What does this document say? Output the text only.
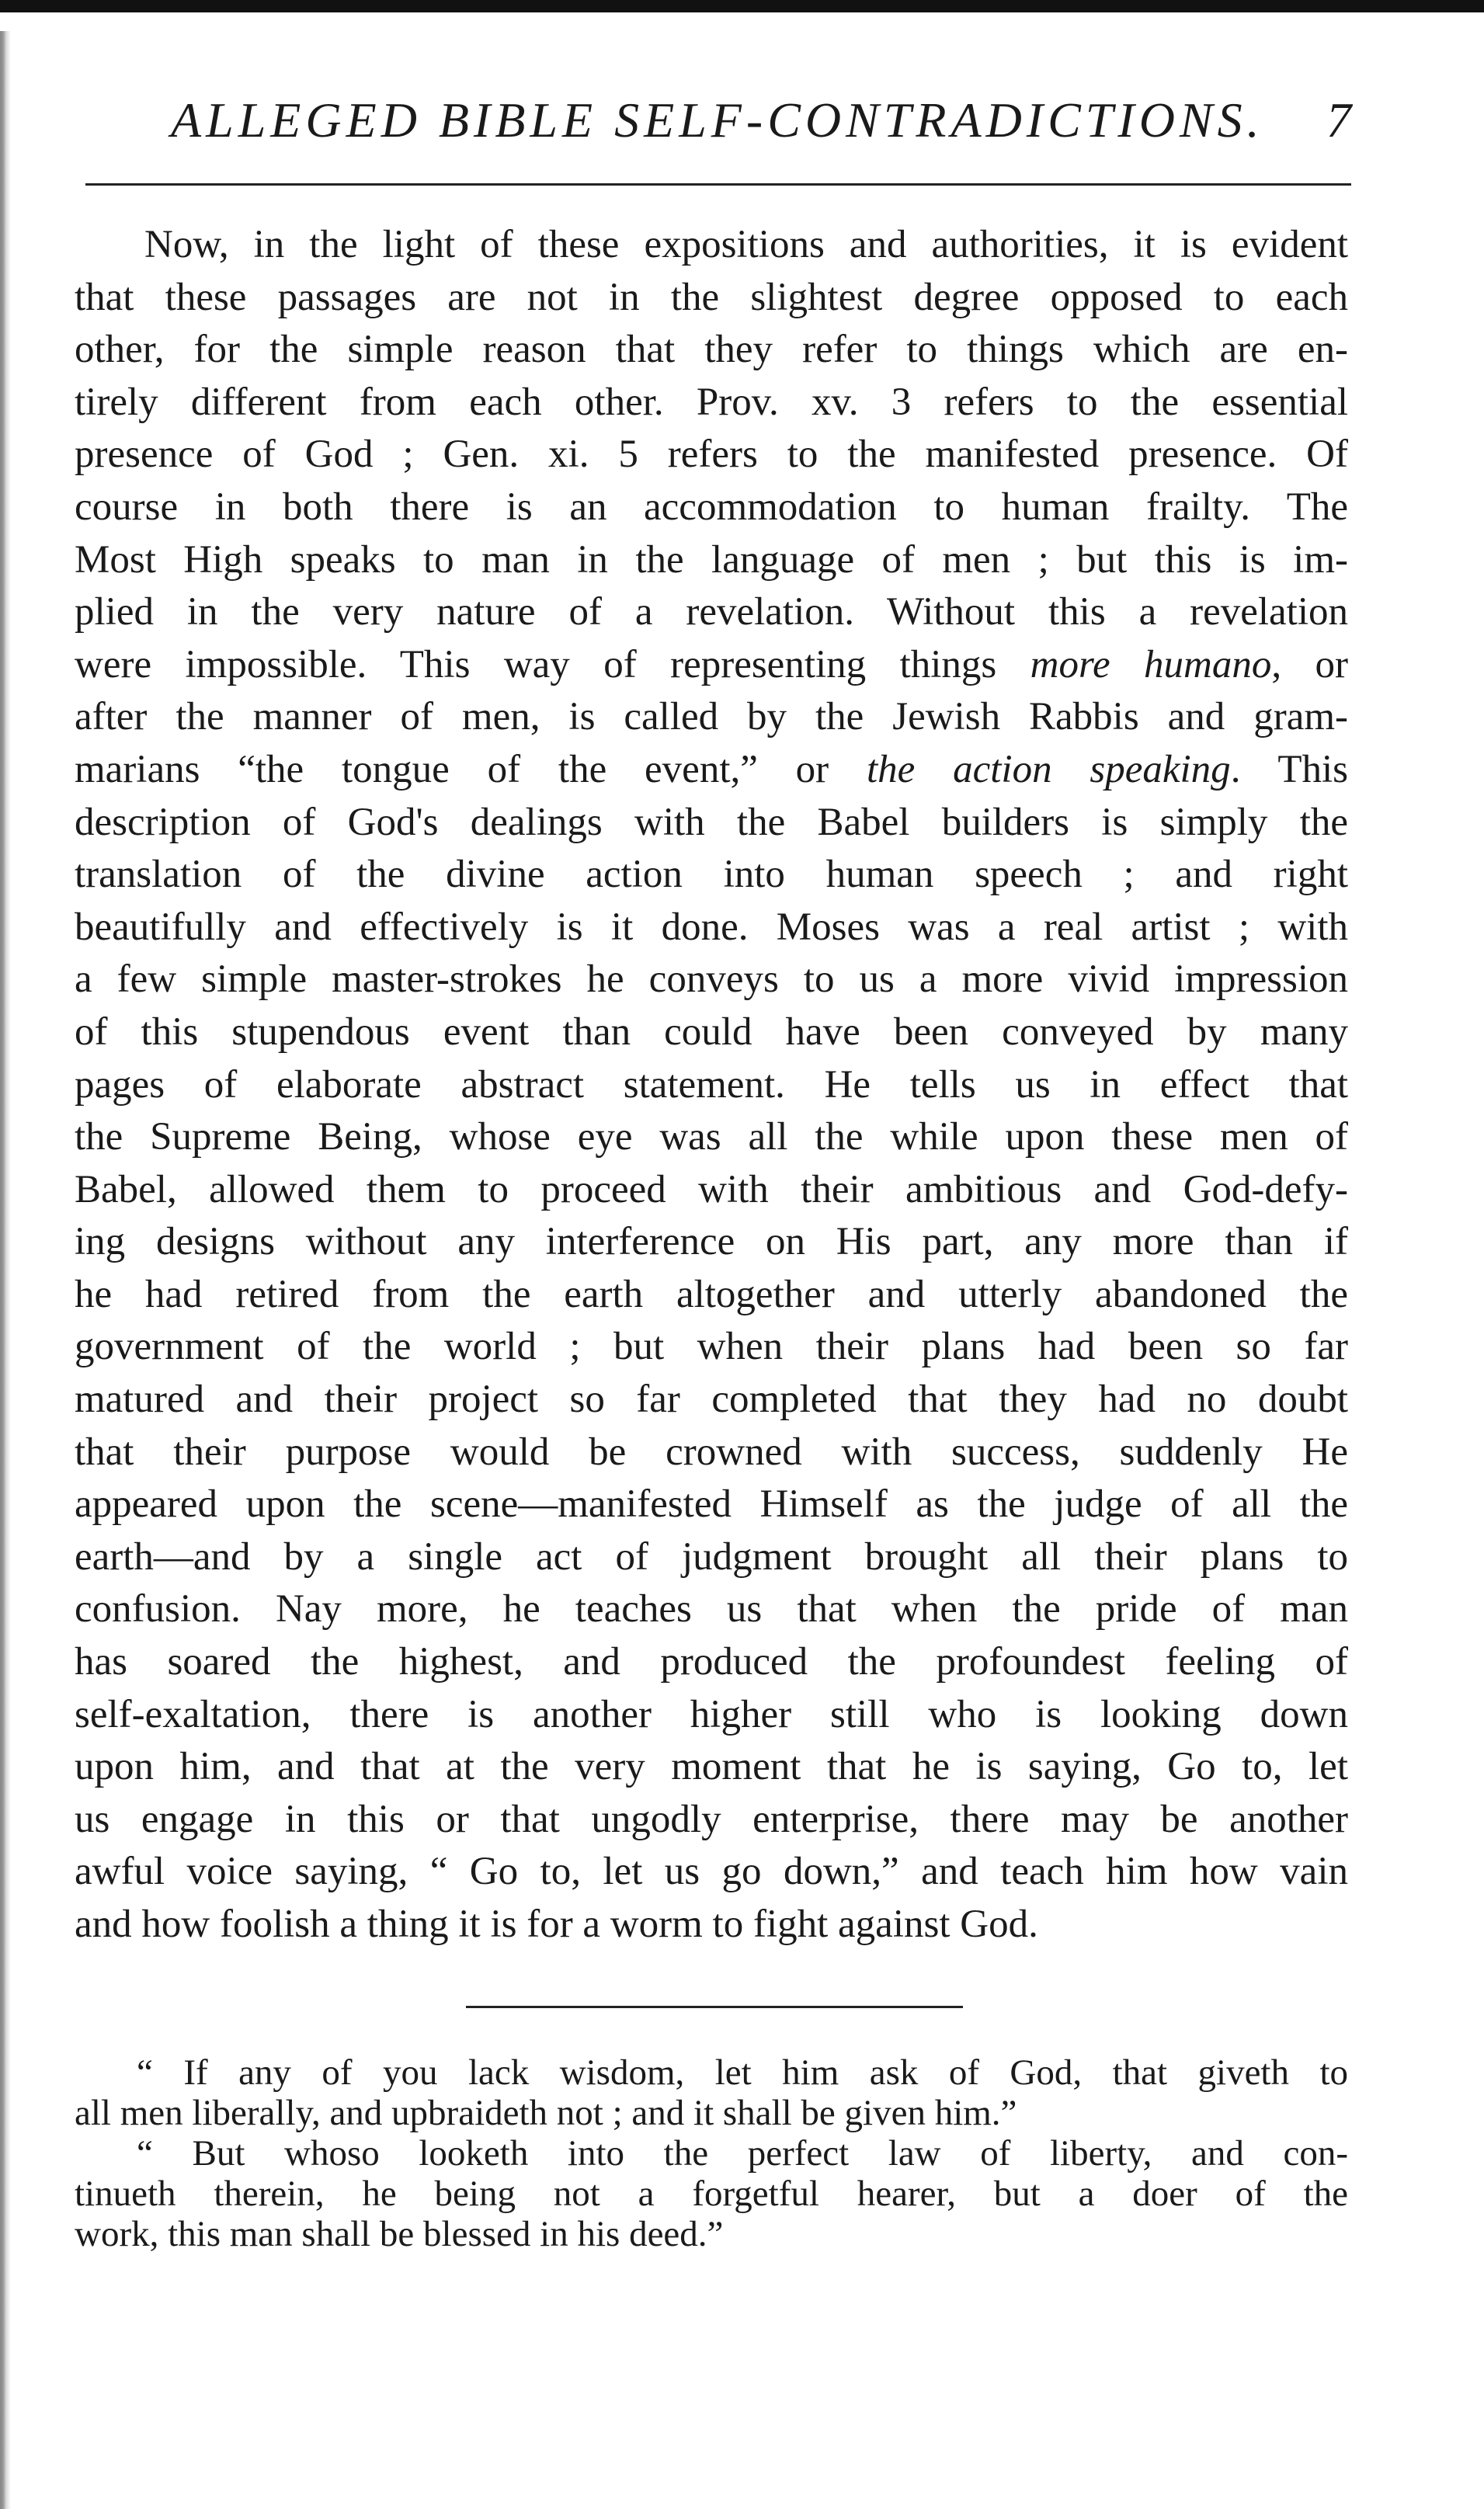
ALLEGED BIBLE SELF-CONTRADICTIONS. 7
Now, in the light of these expositions and authorities, it is evident
that these passages are not in the slightest degree opposed to each
other, for the simple reason that they refer to things which are en-
tirely different from each other. Prov. xv. 3 refers to the essential
presence of God ; Gen. xi. 5 refers to the manifested presence. Of
course in both there is an accommodation to human frailty. The
Most High speaks to man in the language of men ; but this is im-
plied in the very nature of a revelation. Without this a revelation
were impossible. This way of representing things more humano, or
after the manner of men, is called by the Jewish Rabbis and gram-
marians “the tongue of the event,” or the action speaking. This
description of God's dealings with the Babel builders is simply the
translation of the divine action into human speech ; and right
beautifully and effectively is it done. Moses was a real artist ; with
a few simple master-strokes he conveys to us a more vivid impression
of this stupendous event than could have been conveyed by many
pages of elaborate abstract statement. He tells us in effect that
the Supreme Being, whose eye was all the while upon these men of
Babel, allowed them to proceed with their ambitious and God-defy-
ing designs without any interference on His part, any more than if
he had retired from the earth altogether and utterly abandoned the
government of the world ; but when their plans had been so far
matured and their project so far completed that they had no doubt
that their purpose would be crowned with success, suddenly He
appeared upon the scene—manifested Himself as the judge of all the
earth—and by a single act of judgment brought all their plans to
confusion. Nay more, he teaches us that when the pride of man
has soared the highest, and produced the profoundest feeling of
self-exaltation, there is another higher still who is looking down
upon him, and that at the very moment that he is saying, Go to, let
us engage in this or that ungodly enterprise, there may be another
awful voice saying, “ Go to, let us go down,” and teach him how vain
and how foolish a thing it is for a worm to fight against God.
“ If any of you lack wisdom, let him ask of God, that giveth to
all men liberally, and upbraideth not ; and it shall be given him.”
“ But whoso looketh into the perfect law of liberty, and con-
tinueth therein, he being not a forgetful hearer, but a doer of the
work, this man shall be blessed in his deed.”
